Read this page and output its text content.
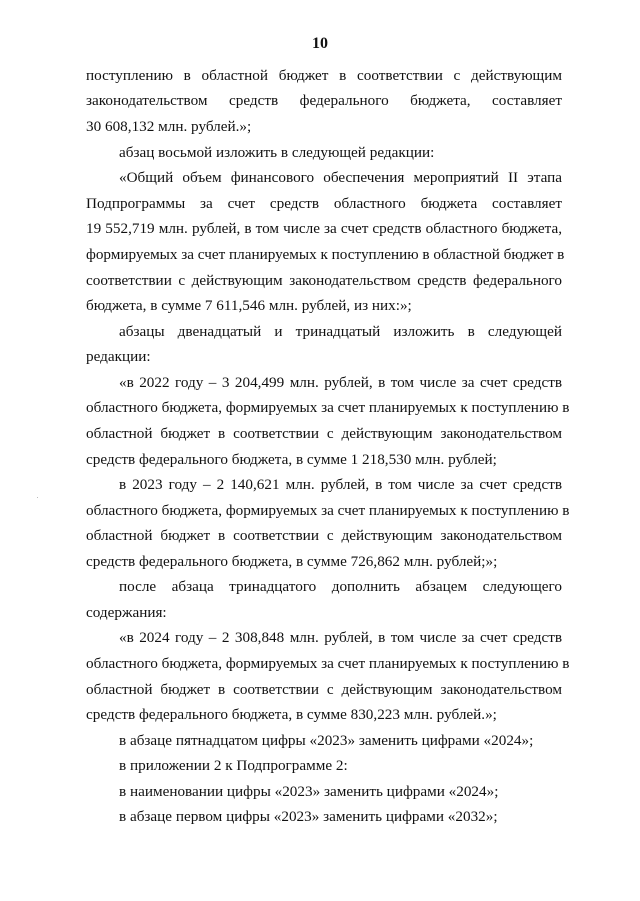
10
поступлению в областной бюджет в соответствии с действующим
законодательством средств федерального бюджета, составляет
30 608,132 млн. рублей.»;
абзац восьмой изложить в следующей редакции:
«Общий объем финансового обеспечения мероприятий II этапа
Подпрограммы за счет средств областного бюджета составляет
19 552,719 млн. рублей, в том числе за счет средств областного бюджета,
формируемых за счет планируемых к поступлению в областной бюджет в
соответствии с действующим законодательством средств федерального
бюджета, в сумме 7 611,546 млн. рублей, из них:»;
абзацы двенадцатый и тринадцатый изложить в следующей
редакции:
«в 2022 году – 3 204,499 млн. рублей, в том числе за счет средств
областного бюджета, формируемых за счет планируемых к поступлению в
областной бюджет в соответствии с действующим законодательством
средств федерального бюджета, в сумме 1 218,530 млн. рублей;
в 2023 году – 2 140,621 млн. рублей, в том числе за счет средств
областного бюджета, формируемых за счет планируемых к поступлению в
областной бюджет в соответствии с действующим законодательством
средств федерального бюджета, в сумме 726,862 млн. рублей;»;
после абзаца тринадцатого дополнить абзацем следующего
содержания:
«в 2024 году – 2 308,848 млн. рублей, в том числе за счет средств
областного бюджета, формируемых за счет планируемых к поступлению в
областной бюджет в соответствии с действующим законодательством
средств федерального бюджета, в сумме 830,223 млн. рублей.»;
в абзаце пятнадцатом цифры «2023» заменить цифрами «2024»;
в приложении 2 к Подпрограмме 2:
в наименовании цифры «2023» заменить цифрами «2024»;
в абзаце первом цифры «2023» заменить цифрами «2032»;
